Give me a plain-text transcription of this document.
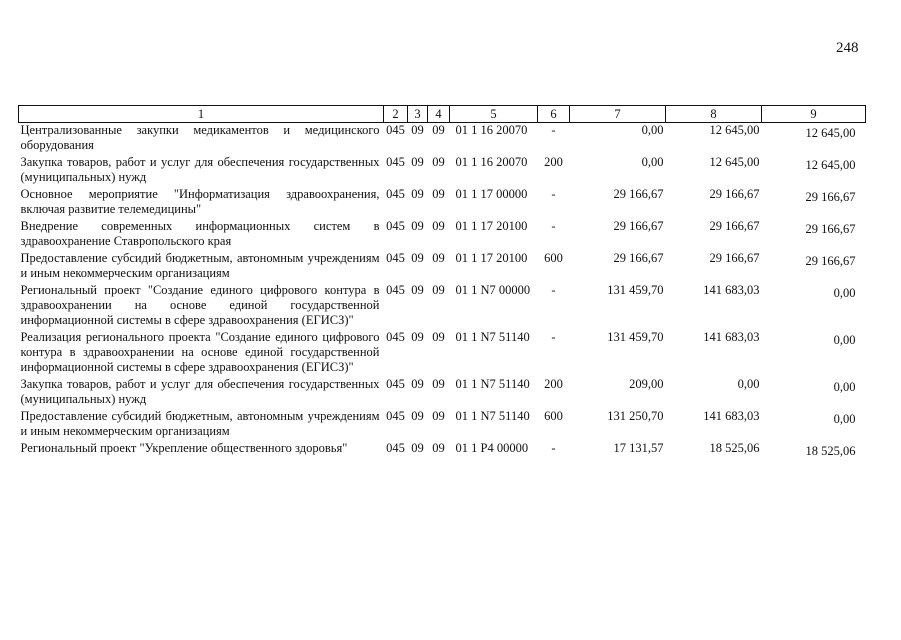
248
1	2	3	4	5	6	7	8	9
Централизованные закупки медикаментов и медицинского оборудования	045	09	09	01 1 16 20070	-	0,00	12 645,00	12 645,00
Закупка товаров, работ и услуг для обеспечения государственных (муниципальных) нужд	045	09	09	01 1 16 20070	200	0,00	12 645,00	12 645,00
Основное мероприятие "Информатизация здравоохранения, включая развитие телемедицины"	045	09	09	01 1 17 00000	-	29 166,67	29 166,67	29 166,67
Внедрение современных информационных систем в здравоохранение Ставропольского края	045	09	09	01 1 17 20100	-	29 166,67	29 166,67	29 166,67
Предоставление субсидий бюджетным, автономным учреждениям и иным некоммерческим организациям	045	09	09	01 1 17 20100	600	29 166,67	29 166,67	29 166,67
Региональный проект "Создание единого цифрового контура в здравоохранении на основе единой государственной информационной системы в сфере здравоохранения (ЕГИСЗ)"	045	09	09	01 1 N7 00000	-	131 459,70	141 683,03	0,00
Реализация регионального проекта "Создание единого цифрового контура в здравоохранении на основе единой государственной информационной системы в сфере здравоохранения (ЕГИСЗ)"	045	09	09	01 1 N7 51140	-	131 459,70	141 683,03	0,00
Закупка товаров, работ и услуг для обеспечения государственных (муниципальных) нужд	045	09	09	01 1 N7 51140	200	209,00	0,00	0,00
Предоставление субсидий бюджетным, автономным учреждениям и иным некоммерческим организациям	045	09	09	01 1 N7 51140	600	131 250,70	141 683,03	0,00
Региональный проект "Укрепление общественного здоровья"	045	09	09	01 1 P4 00000	-	17 131,57	18 525,06	18 525,06
